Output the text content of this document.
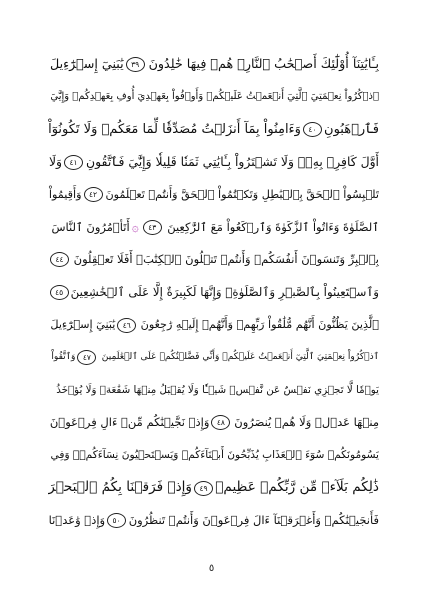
بِـَٔايَٰتِنَآ أُوْلَٰٓئِكَ أَصۡحَٰبُ ٱلنَّارِۖ هُمۡ فِيهَا خَٰلِدُونَ
٣٩
يَٰبَنِيٓ إِسۡرَٰٓءِيلَ
ٱذۡكُرُواْ نِعۡمَتِيَ ٱلَّتِيٓ أَنۡعَمۡتُ عَلَيۡكُمۡ وَأَوۡفُواْ بِعَهۡدِيٓ أُوفِ بِعَهۡدِكُمۡ وَإِيَّٰيَ
فَٱرۡهَبُونِ
٤٠
وَءَامِنُواْ بِمَآ أَنزَلۡتُ مُصَدِّقٗا لِّمَا مَعَكُمۡ وَلَا تَكُونُوٓاْ
أَوَّلَ كَافِرِۭ بِهِۦۖ وَلَا تَشۡتَرُواْ بِـَٔايَٰتِي ثَمَنٗا قَلِيلٗا وَإِيَّٰيَ فَٱتَّقُونِ
٤١
وَلَا
تَلۡبِسُواْ ٱلۡحَقَّ بِٱلۡبَٰطِلِ وَتَكۡتُمُواْ ٱلۡحَقَّ وَأَنتُمۡ تَعۡلَمُونَ
٤٢
وَأَقِيمُواْ
ٱلصَّلَوٰةَ وَءَاتُواْ ٱلزَّكَوٰةَ وَٱرۡكَعُواْ مَعَ ٱلرَّٰكِعِينَ
٤٣
۞
أَتَأۡمُرُونَ ٱلنَّاسَ
بِٱلۡبِرِّ وَتَنسَوۡنَ أَنفُسَكُمۡ وَأَنتُمۡ تَتۡلُونَ ٱلۡكِتَٰبَۚ أَفَلَا تَعۡقِلُونَ
٤٤
وَٱسۡتَعِينُواْ بِٱلصَّبۡرِ وَٱلصَّلَوٰةِۚ وَإِنَّهَا لَكَبِيرَةٌ إِلَّا عَلَى ٱلۡخَٰشِعِينَ
٤٥
ٱلَّذِينَ يَظُنُّونَ أَنَّهُم مُّلَٰقُواْ رَبِّهِمۡ وَأَنَّهُمۡ إِلَيۡهِ رَٰجِعُونَ
٤٦
يَٰبَنِيٓ إِسۡرَٰٓءِيلَ
ٱذۡكُرُواْ نِعۡمَتِيَ ٱلَّتِيٓ أَنۡعَمۡتُ عَلَيۡكُمۡ وَأَنِّي فَضَّلۡتُكُمۡ عَلَى ٱلۡعَٰلَمِينَ
٤٧
وَٱتَّقُواْ
يَوۡمٗا لَّا تَجۡزِي نَفۡسٌ عَن نَّفۡسٖ شَيۡـٔٗا وَلَا يُقۡبَلُ مِنۡهَا شَفَٰعَةٞ وَلَا يُؤۡخَذُ
مِنۡهَا عَدۡلٞ وَلَا هُمۡ يُنصَرُونَ
٤٨
وَإِذۡ نَجَّيۡنَٰكُم مِّنۡ ءَالِ فِرۡعَوۡنَ
يَسُومُونَكُمۡ سُوٓءَ ٱلۡعَذَابِ يُذَبِّحُونَ أَبۡنَآءَكُمۡ وَيَسۡتَحۡيُونَ نِسَآءَكُمۡۚ وَفِي
ذَٰلِكُم بَلَآءٞ مِّن رَّبِّكُمۡ عَظِيمٞ
٤٩
وَإِذۡ فَرَقۡنَا بِكُمُ ٱلۡبَحۡرَ
فَأَنجَيۡنَٰكُمۡ وَأَغۡرَقۡنَآ ءَالَ فِرۡعَوۡنَ وَأَنتُمۡ تَنظُرُونَ
٥٠
وَإِذۡ وَٰعَدۡنَا
٥
